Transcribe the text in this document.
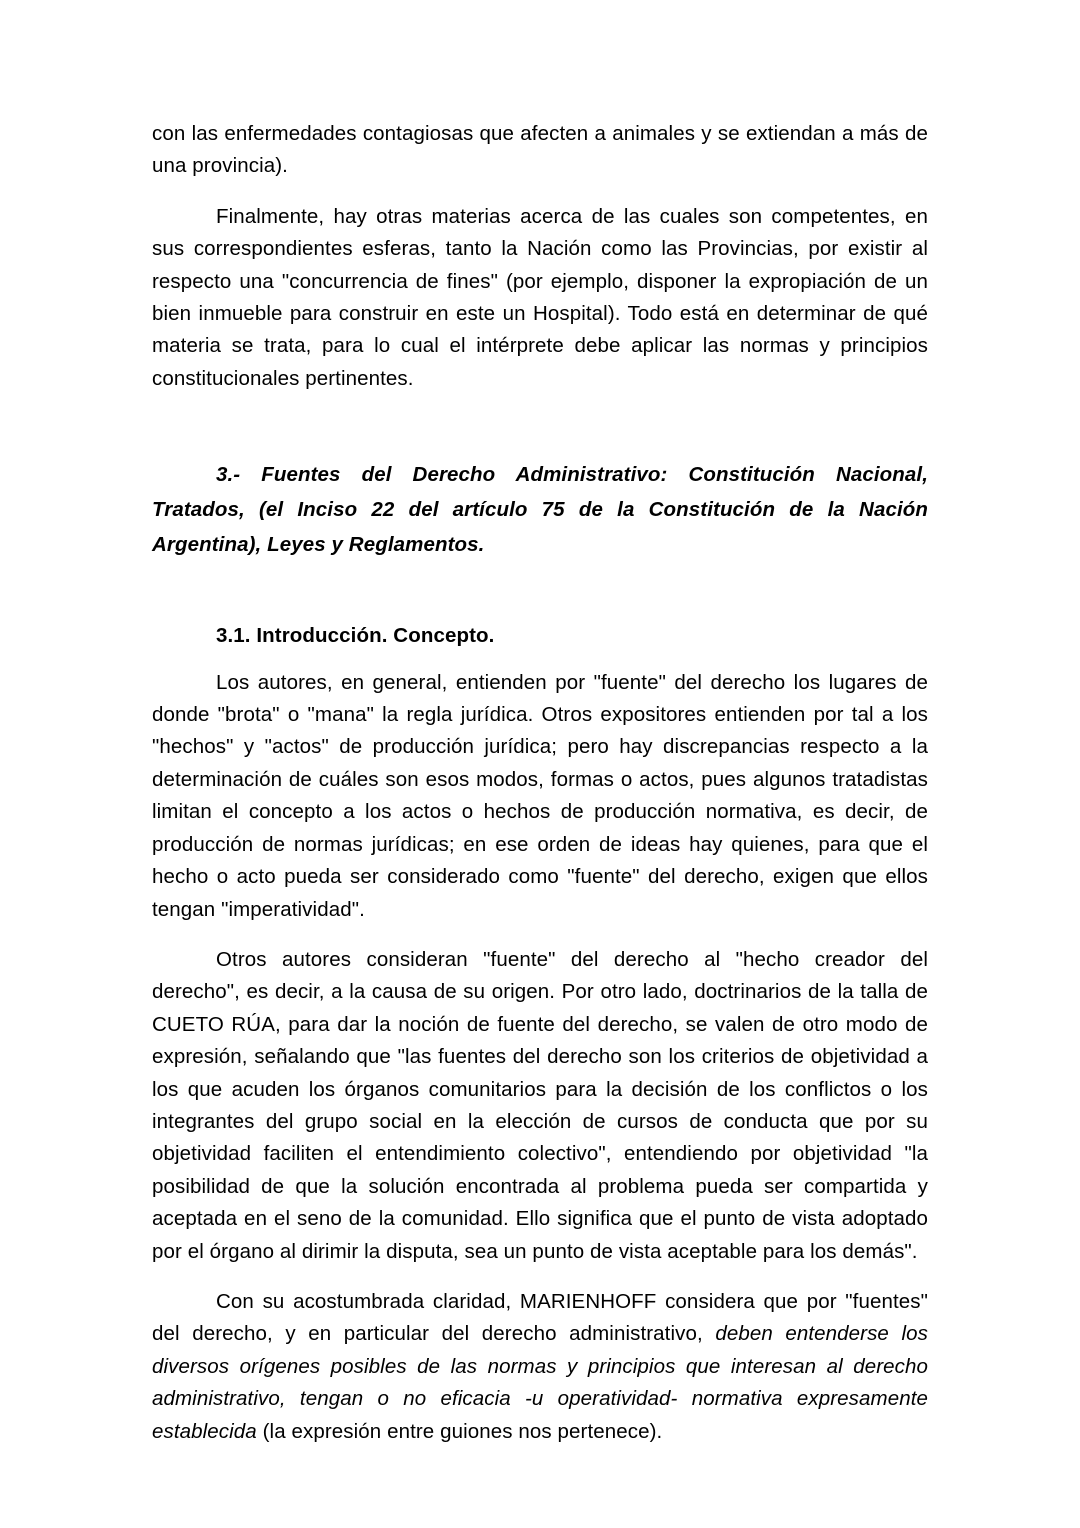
con las enfermedades contagiosas que afecten a animales y se extiendan a más de una provincia).

Finalmente, hay otras materias acerca de las cuales son competentes, en sus correspondientes esferas, tanto la Nación como las Provincias, por existir al respecto una "concurrencia de fines" (por ejemplo, disponer la expropiación de un bien inmueble para construir en este un Hospital). Todo está en determinar de qué materia se trata, para lo cual el intérprete debe aplicar las normas y principios constitucionales pertinentes.

3.- Fuentes del Derecho Administrativo: Constitución Nacional, Tratados, (el Inciso 22 del artículo 75 de la Constitución de la Nación Argentina), Leyes y Reglamentos.

3.1. Introducción. Concepto.

Los autores, en general, entienden por "fuente" del derecho los lugares de donde "brota" o "mana" la regla jurídica. Otros expositores entienden por tal a los "hechos" y "actos" de producción jurídica; pero hay discrepancias respecto a la determinación de cuáles son esos modos, formas o actos, pues algunos tratadistas limitan el concepto a los actos o hechos de producción normativa, es decir, de producción de normas jurídicas; en ese orden de ideas hay quienes, para que el hecho o acto pueda ser considerado como "fuente" del derecho, exigen que ellos tengan "imperatividad".

Otros autores consideran "fuente" del derecho al "hecho creador del derecho", es decir, a la causa de su origen. Por otro lado, doctrinarios de la talla de CUETO RÚA, para dar la noción de fuente del derecho, se valen de otro modo de expresión, señalando que "las fuentes del derecho son los criterios de objetividad a los que acuden los órganos comunitarios para la decisión de los conflictos o los integrantes del grupo social en la elección de cursos de conducta que por su objetividad faciliten el entendimiento colectivo", entendiendo por objetividad "la posibilidad de que la solución encontrada al problema pueda ser compartida y aceptada en el seno de la comunidad. Ello significa que el punto de vista adoptado por el órgano al dirimir la disputa, sea un punto de vista aceptable para los demás".

Con su acostumbrada claridad, MARIENHOFF considera que por "fuentes" del derecho, y en particular del derecho administrativo, deben entenderse los diversos orígenes posibles de las normas y principios que interesan al derecho administrativo, tengan o no eficacia -u operatividad- normativa expresamente establecida (la expresión entre guiones nos pertenece).
